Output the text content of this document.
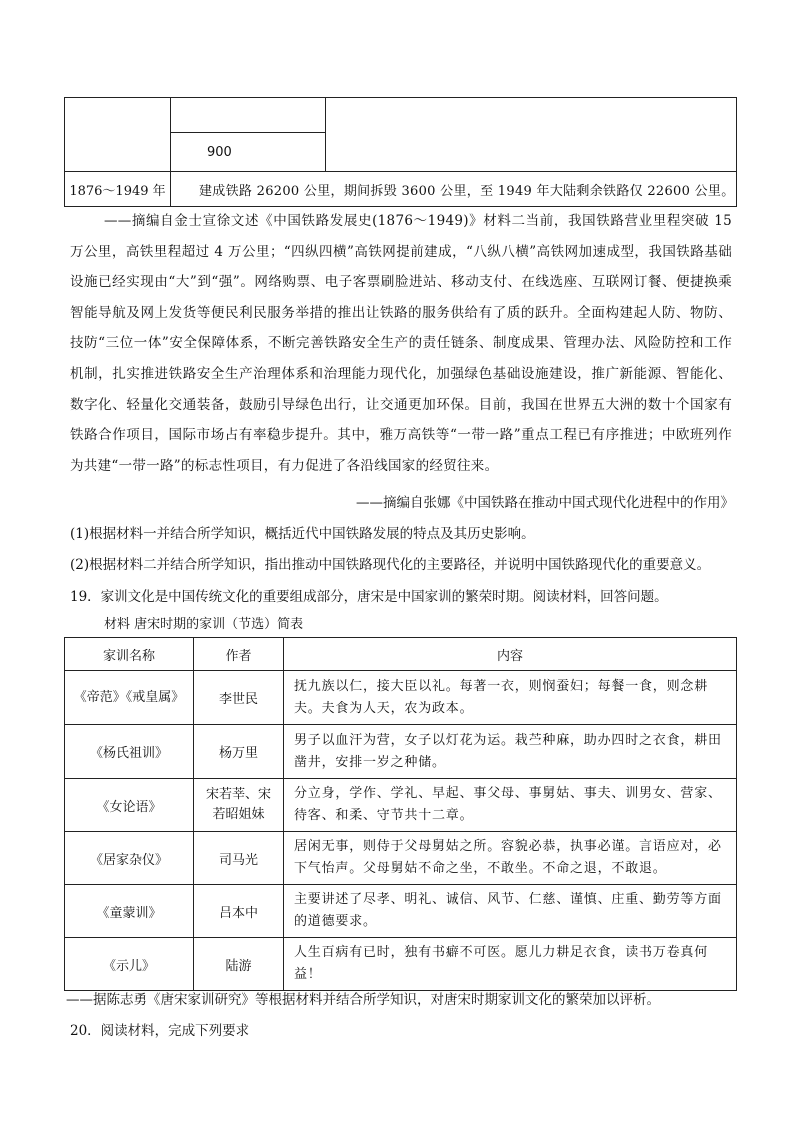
	900	
1876～1949 年	建成铁路 26200 公里，期间拆毁 3600 公里，至 1949 年大陆剩余铁路仅 22600 公里。	
——摘编自金士宣徐文述《中国铁路发展史(1876～1949)》材料二当前，我国铁路营业里程突破 15 万公里，高铁里程超过 4 万公里；“四纵四横”高铁网提前建成，“八纵八横”高铁网加速成型，我国铁路基础设施已经实现由“大”到“强”。网络购票、电子客票刷脸进站、移动支付、在线选座、互联网订餐、便捷换乘智能导航及网上发货等便民利民服务举措的推出让铁路的服务供给有了质的跃升。全面构建起人防、物防、技防“三位一体”安全保障体系，不断完善铁路安全生产的责任链条、制度成果、管理办法、风险防控和工作机制，扎实推进铁路安全生产治理体系和治理能力现代化，加强绿色基础设施建设，推广新能源、智能化、数字化、轻量化交通装备，鼓励引导绿色出行，让交通更加环保。目前，我国在世界五大洲的数十个国家有铁路合作项目，国际市场占有率稳步提升。其中，雅万高铁等“一带一路”重点工程已有序推进；中欧班列作为共建“一带一路”的标志性项目，有力促进了各沿线国家的经贸往来。
——摘编自张娜《中国铁路在推动中国式现代化进程中的作用》
(1)根据材料一并结合所学知识，概括近代中国铁路发展的特点及其历史影响。
(2)根据材料二并结合所学知识，指出推动中国铁路现代化的主要路径，并说明中国铁路现代化的重要意义。
19．家训文化是中国传统文化的重要组成部分，唐宋是中国家训的繁荣时期。阅读材料，回答问题。
材料 唐宋时期的家训（节选）简表
家训名称	作者	内容
《帝范》《戒皇属》	李世民	抚九族以仁，接大臣以礼。每著一衣，则悯蚕妇；每餐一食，则念耕夫。夫食为人天，农为政本。
《杨氏祖训》	杨万里	男子以血汗为营，女子以灯花为运。栽苎种麻，助办四时之衣食，耕田凿井，安排一岁之种储。
《女论语》	宋若莘、宋若昭姐妹	分立身，学作、学礼、早起、事父母、事舅姑、事夫、训男女、营家、待客、和柔、守节共十二章。
《居家杂仪》	司马光	居闲无事，则侍于父母舅姑之所。容貌必恭，执事必谨。言语应对，必下气怡声。父母舅姑不命之坐，不敢坐。不命之退，不敢退。
《童蒙训》	吕本中	主要讲述了尽孝、明礼、诚信、风节、仁慈、谨慎、庄重、勤劳等方面的道德要求。
《示儿》	陆游	人生百病有已时，独有书癖不可医。愿儿力耕足衣食，读书万卷真何益！
——据陈志勇《唐宋家训研究》等根据材料并结合所学知识，对唐宋时期家训文化的繁荣加以评析。
20．阅读材料，完成下列要求
